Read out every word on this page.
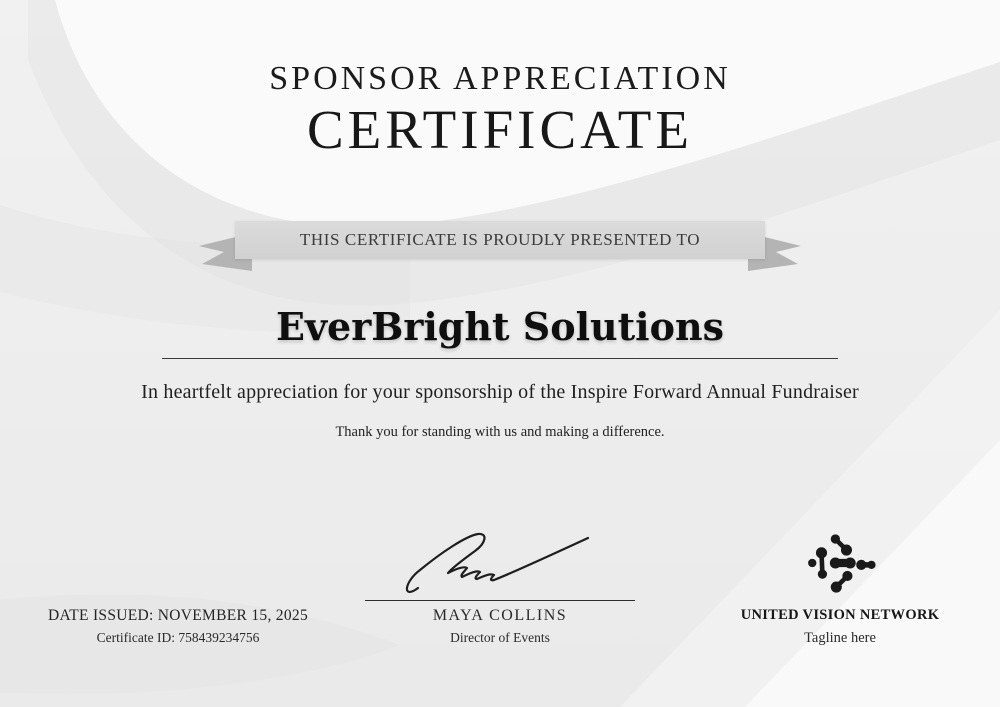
SPONSOR APPRECIATION
CERTIFICATE
THIS CERTIFICATE IS PROUDLY PRESENTED TO
EverBright Solutions
In heartfelt appreciation for your sponsorship of the Inspire Forward Annual Fundraiser
Thank you for standing with us and making a difference.
MAYA COLLINS
Director of Events
DATE ISSUED: NOVEMBER 15, 2025
Certificate ID: 758439234756
UNITED VISION NETWORK
Tagline here
